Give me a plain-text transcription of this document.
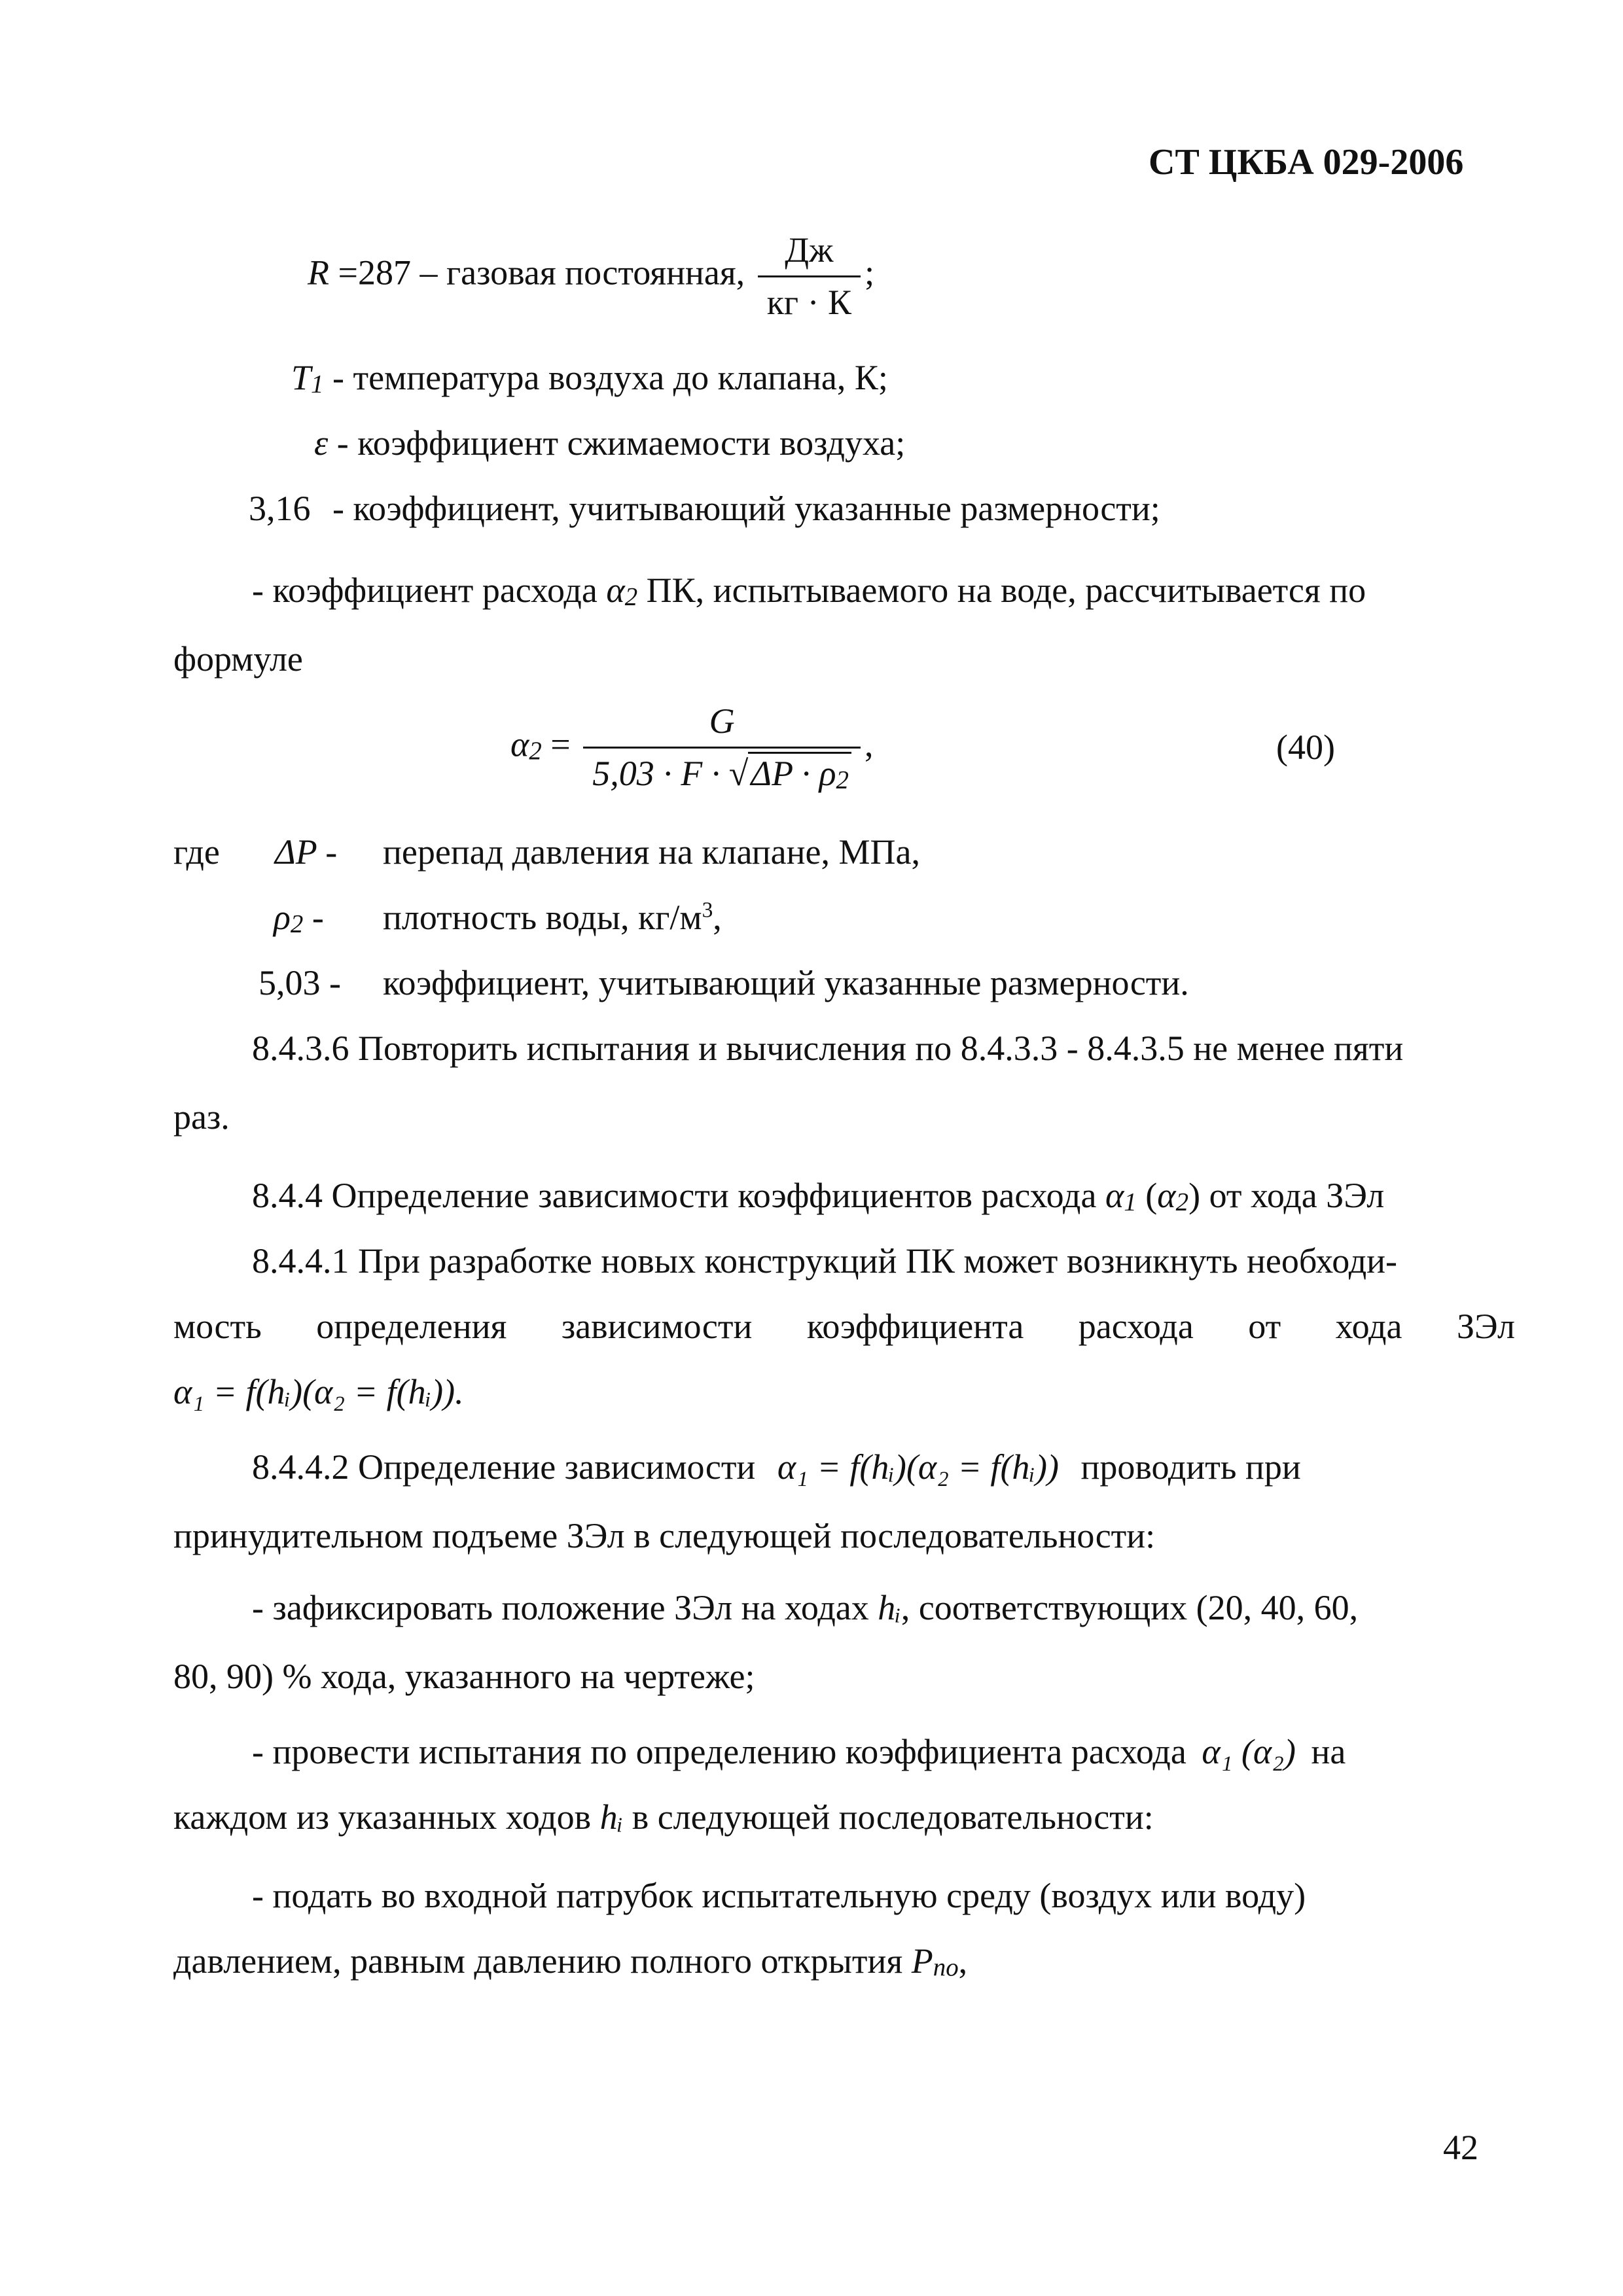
СТ ЦКБА 029-2006
R =287 – газовая постоянная, $\frac{Дж}{кг \cdot К}$ ;
T1 - температура воздуха до клапана, К;
ε - коэффициент сжимаемости воздуха;
3,16 - коэффициент, учитывающий указанные размерности;
- коэффициент расхода α2 ПК, испытываемого на воде, рассчитывается по
формуле
$\alpha 2 = \frac{G}{5,03 \cdot F \cdot √\Delta P \cdot \rho 2}$ ,	(40)
где ΔP - перепад давления на клапане, МПа,
ρ2 - плотность воды, $кг/м^3$,
5,03 - коэффициент, учитывающий указанные размерности.
8.4.3.6 Повторить испытания и вычисления по 8.4.3.3 - 8.4.3.5 не менее пяти
раз.
8.4.4 Определение зависимости коэффициентов расхода α1 (α2) от хода ЗЭл
8.4.4.1 При разработке новых конструкций ПК может возникнуть необходи-
мость определения зависимости коэффициента расхода от хода ЗЭл
α₁ = f(hᵢ)(α₂ = f(hᵢ)).
8.4.4.2 Определение зависимости α₁ = f(hᵢ)(α₂ = f(hᵢ)) проводить при
принудительном подъеме ЗЭл в следующей последовательности:
- зафиксировать положение ЗЭл на ходах hᵢ, соответствующих (20, 40, 60,
80, 90) % хода, указанного на чертеже;
- провести испытания по определению коэффициента расхода α₁ (α₂) на
каждом из указанных ходов hᵢ в следующей последовательности:
- подать во входной патрубок испытательную среду (воздух или воду)
давлением, равным давлению полного открытия Pпо,
42
